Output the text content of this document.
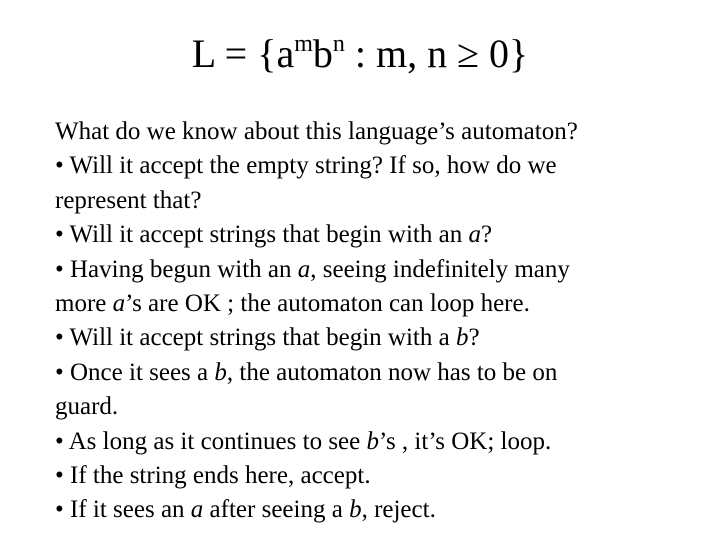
$L = \{a^mb^n$ : m, n ≥ 0}
What do we know about this language’s automaton?
• Will it accept the empty string? If so, how do we
represent that?
• Will it accept strings that begin with an a?
• Having begun with an a, seeing indefinitely many
more a’s are OK ; the automaton can loop here.
• Will it accept strings that begin with a b?
• Once it sees a b, the automaton now has to be on
guard.
• As long as it continues to see b’s , it’s OK; loop.
• If the string ends here, accept.
• If it sees an a after seeing a b, reject.
